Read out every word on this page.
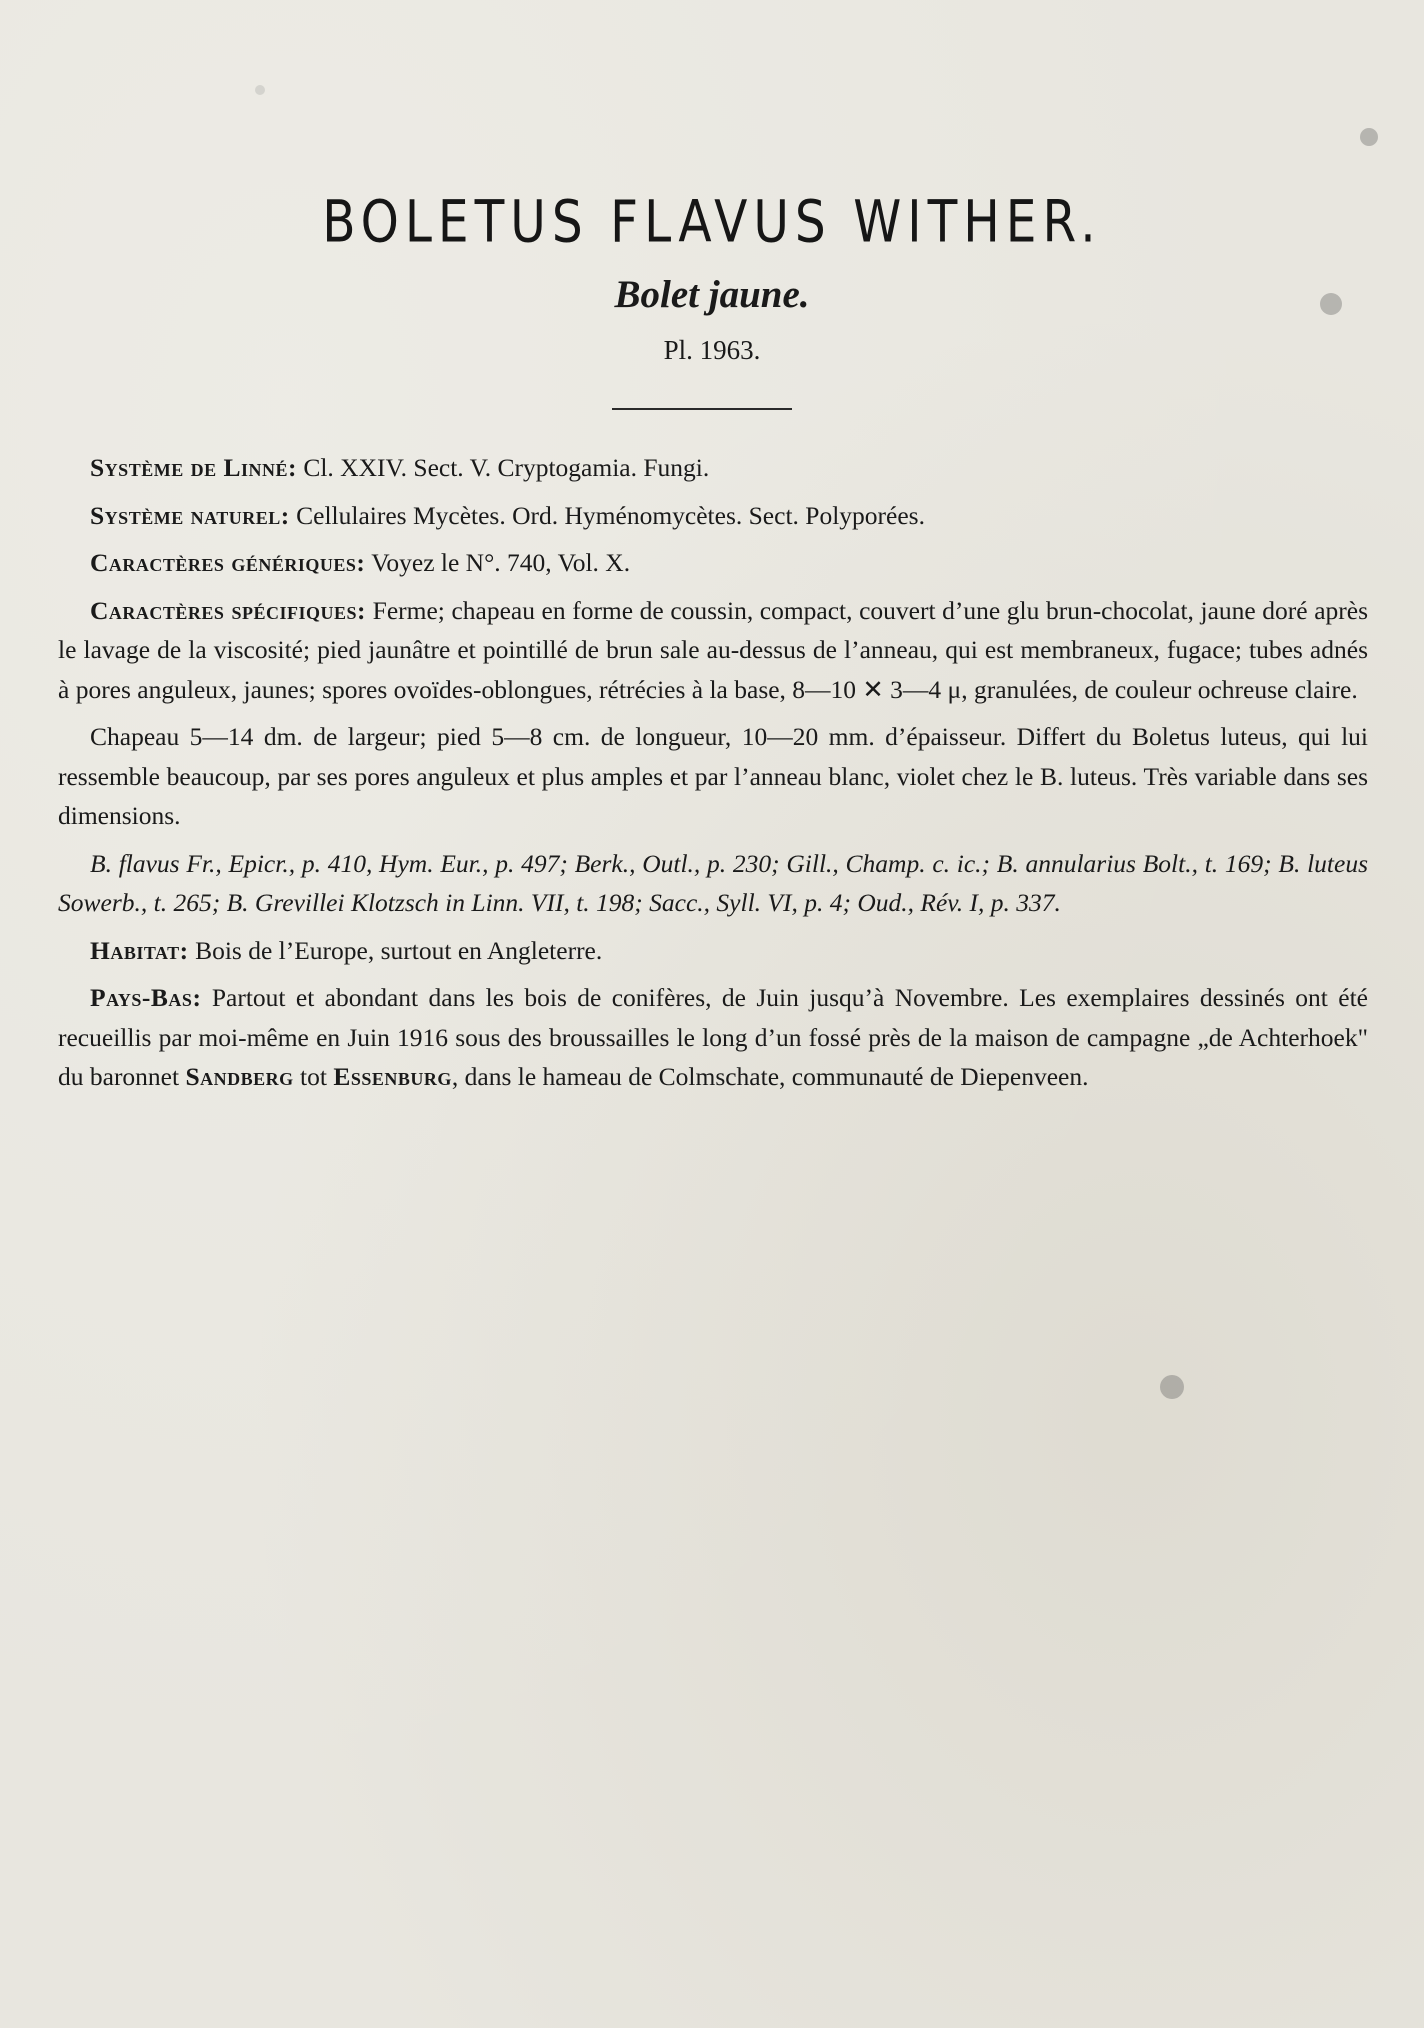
BOLETUS FLAVUS WITHER.
Bolet jaune.
Pl. 1963.

Système de Linné: Cl. XXIV. Sect. V. Cryptogamia. Fungi.

Système naturel: Cellulaires Mycètes. Ord. Hyménomycètes. Sect. Polyporées.

Caractères génériques: Voyez le N°. 740, Vol. X.

Caractères spécifiques: Ferme; chapeau en forme de coussin, compact, couvert d’une glu brun-chocolat, jaune doré après le lavage de la viscosité; pied jaunâtre et pointillé de brun sale au-dessus de l’anneau, qui est membraneux, fugace; tubes adnés à pores anguleux, jaunes; spores ovoïdes-oblongues, rétrécies à la base, 8—10 ✕ 3—4 μ, granulées, de couleur ochreuse claire.

Chapeau 5—14 dm. de largeur; pied 5—8 cm. de longueur, 10—20 mm. d’épaisseur. Differt du Boletus luteus, qui lui ressemble beaucoup, par ses pores anguleux et plus amples et par l’anneau blanc, violet chez le B. luteus. Très variable dans ses dimensions.

B. flavus Fr., Epicr., p. 410, Hym. Eur., p. 497; Berk., Outl., p. 230; Gill., Champ. c. ic.; B. annularius Bolt., t. 169; B. luteus Sowerb., t. 265; B. Grevillei Klotzsch in Linn. VII, t. 198; Sacc., Syll. VI, p. 4; Oud., Rév. I, p. 337.

Habitat: Bois de l’Europe, surtout en Angleterre.

Pays-Bas: Partout et abondant dans les bois de conifères, de Juin jusqu’à Novembre. Les exemplaires dessinés ont été recueillis par moi-même en Juin 1916 sous des broussailles le long d’un fossé près de la maison de campagne „de Achterhoek" du baronnet Sandberg tot Essenburg, dans le hameau de Colmschate, communauté de Diepenveen.
